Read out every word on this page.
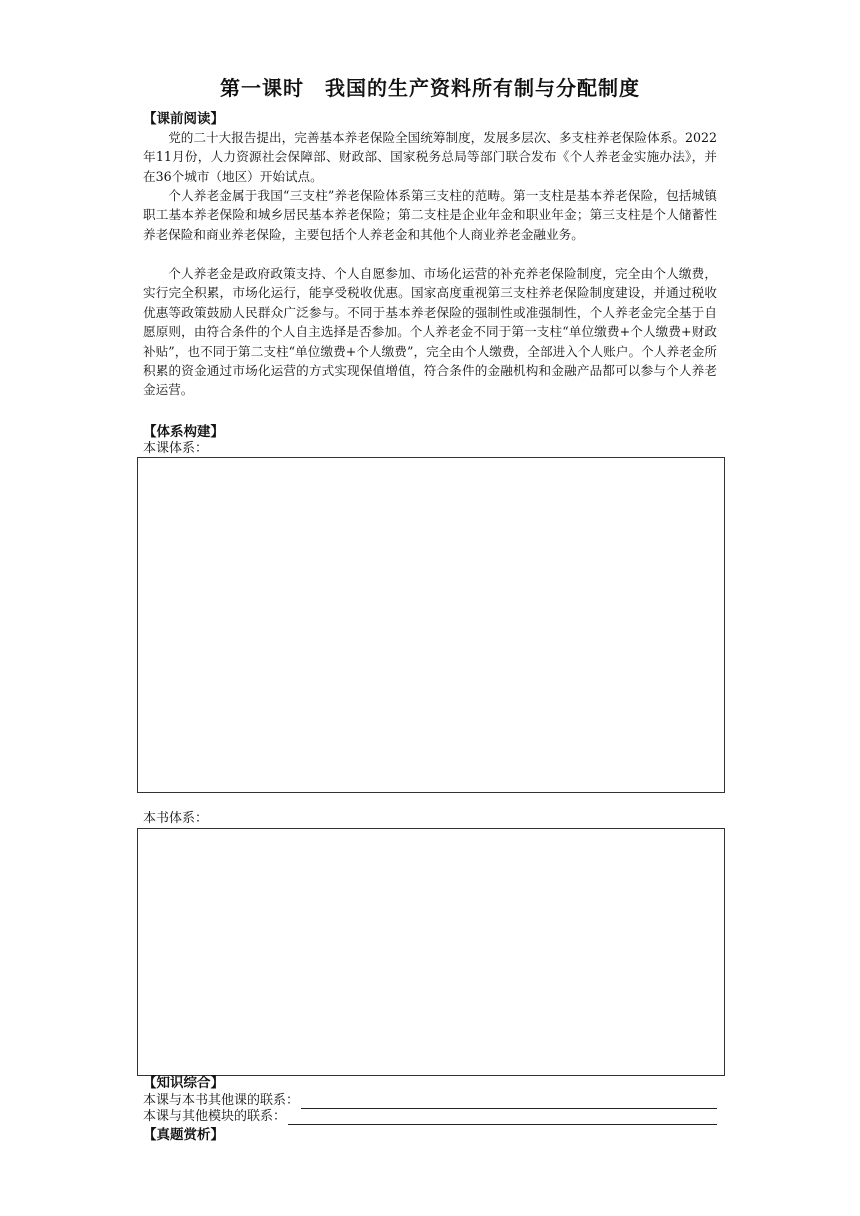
第一课时　我国的生产资料所有制与分配制度
【课前阅读】

党的二十大报告提出，完善基本养老保险全国统筹制度，发展多层次、多支柱养老保险体系。2022年11月份，人力资源社会保障部、财政部、国家税务总局等部门联合发布《个人养老金实施办法》，并在36个城市（地区）开始试点。

个人养老金属于我国“三支柱”养老保险体系第三支柱的范畴。第一支柱是基本养老保险，包括城镇职工基本养老保险和城乡居民基本养老保险；第二支柱是企业年金和职业年金；第三支柱是个人储蓄性养老保险和商业养老保险，主要包括个人养老金和其他个人商业养老金融业务。

个人养老金是政府政策支持、个人自愿参加、市场化运营的补充养老保险制度，完全由个人缴费，实行完全积累，市场化运行，能享受税收优惠。国家高度重视第三支柱养老保险制度建设，并通过税收优惠等政策鼓励人民群众广泛参与。不同于基本养老保险的强制性或准强制性，个人养老金完全基于自愿原则，由符合条件的个人自主选择是否参加。个人养老金不同于第一支柱“单位缴费+个人缴费+财政补贴”，也不同于第二支柱“单位缴费+个人缴费”，完全由个人缴费，全部进入个人账户。个人养老金所积累的资金通过市场化运营的方式实现保值增值，符合条件的金融机构和金融产品都可以参与个人养老金运营。

【体系构建】
本课体系：
本书体系：
【知识综合】
本课与本书其他课的联系：
本课与其他模块的联系：
【真题赏析】
